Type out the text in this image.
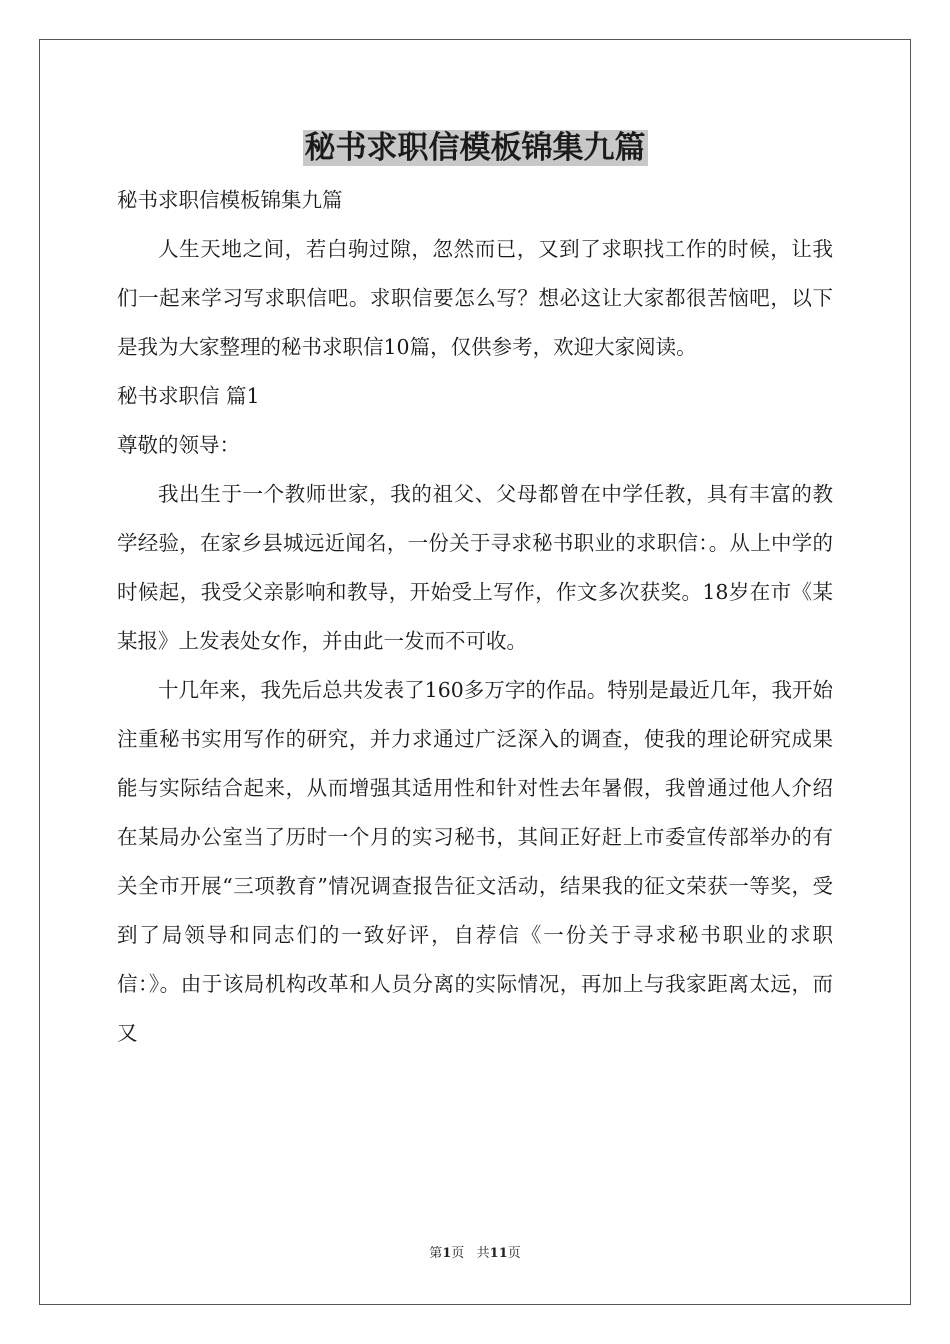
秘书求职信模板锦集九篇

秘书求职信模板锦集九篇

人生天地之间，若白驹过隙，忽然而已，又到了求职找工作的时候，让我们一起来学习写求职信吧。求职信要怎么写？想必这让大家都很苦恼吧，以下是我为大家整理的秘书求职信10篇，仅供参考，欢迎大家阅读。

秘书求职信 篇1

尊敬的领导：

我出生于一个教师世家，我的祖父、父母都曾在中学任教，具有丰富的教学经验，在家乡县城远近闻名，一份关于寻求秘书职业的求职信：。从上中学的时候起，我受父亲影响和教导，开始受上写作，作文多次获奖。18岁在市《某某报》上发表处女作，并由此一发而不可收。

十几年来，我先后总共发表了160多万字的作品。特别是最近几年，我开始注重秘书实用写作的研究，并力求通过广泛深入的调查，使我的理论研究成果能与实际结合起来，从而增强其适用性和针对性去年暑假，我曾通过他人介绍在某局办公室当了历时一个月的实习秘书，其间正好赶上市委宣传部举办的有关全市开展“三项教育”情况调查报告征文活动，结果我的征文荣获一等奖，受到了局领导和同志们的一致好评，自荐信《一份关于寻求秘书职业的求职信：》。由于该局机构改革和人员分离的实际情况，再加上与我家距离太远，而又

第1页   共11页
